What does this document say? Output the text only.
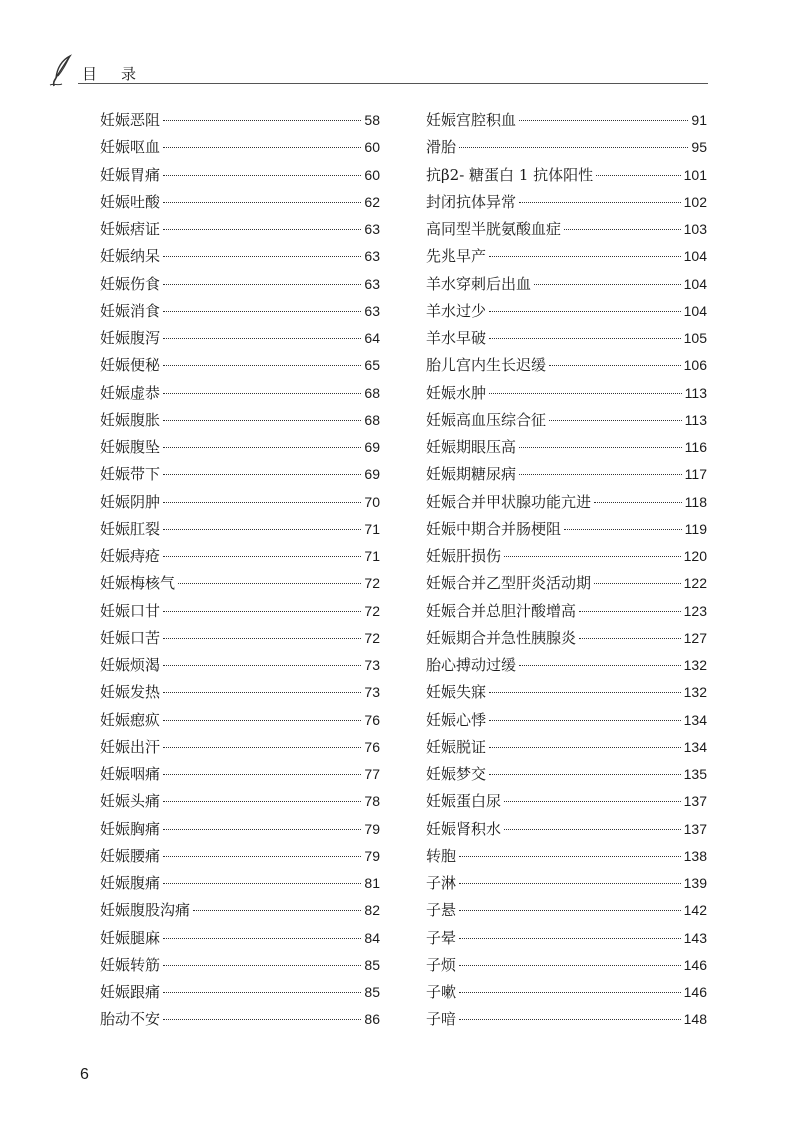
目 录
妊娠恶阻	58
妊娠呕血	60
妊娠胃痛	60
妊娠吐酸	62
妊娠痞证	63
妊娠纳呆	63
妊娠伤食	63
妊娠消食	63
妊娠腹泻	64
妊娠便秘	65
妊娠虚恭	68
妊娠腹胀	68
妊娠腹坠	69
妊娠带下	69
妊娠阴肿	70
妊娠肛裂	71
妊娠痔疮	71
妊娠梅核气	72
妊娠口甘	72
妊娠口苦	72
妊娠烦渴	73
妊娠发热	73
妊娠瘛疭	76
妊娠出汗	76
妊娠咽痛	77
妊娠头痛	78
妊娠胸痛	79
妊娠腰痛	79
妊娠腹痛	81
妊娠腹股沟痛	82
妊娠腿麻	84
妊娠转筋	85
妊娠跟痛	85
胎动不安	86
妊娠宫腔积血	91
滑胎	95
抗β2- 糖蛋白 1 抗体阳性	101
封闭抗体异常	102
高同型半胱氨酸血症	103
先兆早产	104
羊水穿刺后出血	104
羊水过少	104
羊水早破	105
胎儿宫内生长迟缓	106
妊娠水肿	113
妊娠高血压综合征	113
妊娠期眼压高	116
妊娠期糖尿病	117
妊娠合并甲状腺功能亢进	118
妊娠中期合并肠梗阻	119
妊娠肝损伤	120
妊娠合并乙型肝炎活动期	122
妊娠合并总胆汁酸增高	123
妊娠期合并急性胰腺炎	127
胎心搏动过缓	132
妊娠失寐	132
妊娠心悸	134
妊娠脱证	134
妊娠梦交	135
妊娠蛋白尿	137
妊娠肾积水	137
转胞	138
子淋	139
子悬	142
子晕	143
子烦	146
子嗽	146
子喑	148
6
